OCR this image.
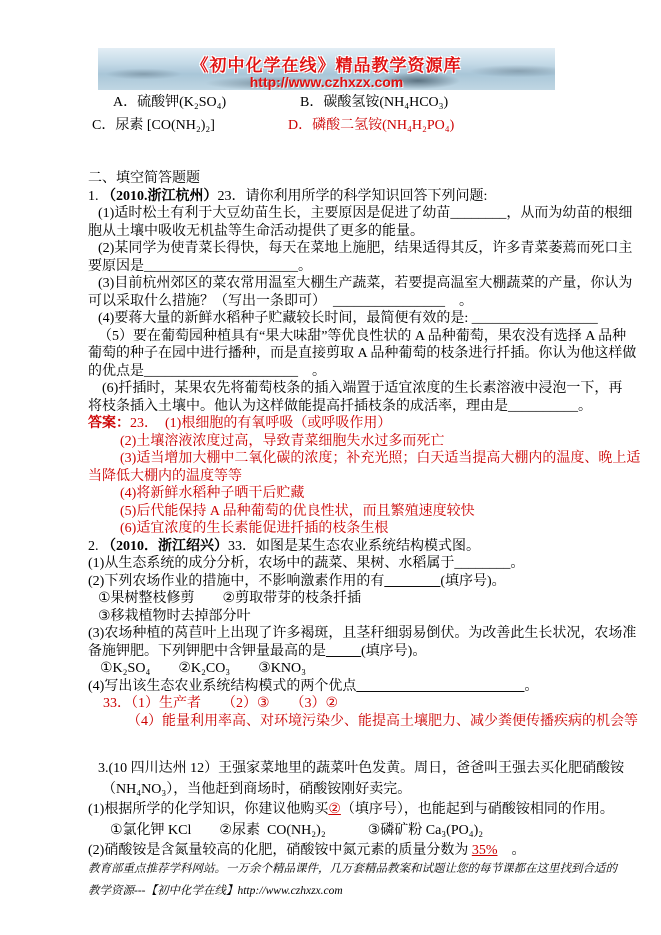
《初中化学在线》精品教学资源库
http://www.czhxzx.com
A．硫酸钾(K₂SO₄)	B．碳酸氢铵(NH₄HCO₃)
C．尿素 [CO(NH₂)₂]	D．磷酸二氢铵(NH₄H₂PO₄)
二、填空简答题题
1. （2010.浙江杭州）23．请你利用所学的科学知识回答下列问题:
(1)适时松土有利于大豆幼苗生长，主要原因是促进了幼苗________，从而为幼苗的根细
胞从土壤中吸收无机盐等生命活动提供了更多的能量。
(2)某同学为使青菜长得快，每天在菜地上施肥，结果适得其反，许多青菜萎蔫而死口主
要原因是______________________。
(3)目前杭州郊区的菜农常用温室大棚生产蔬菜，若要提高温室大棚蔬菜的产量，你认为
可以采取什么措施？（写出一条即可）　________________　。
(4)要蒋大量的新鲜水稻种子贮藏较长时间，最简便有效的是: __________________
（5）要在葡萄园种植具有“果大味甜”等优良性状的 A 品种葡萄，果农没有选择 A 品种
葡萄的种子在园中进行播种，而是直接剪取 A 品种葡萄的枝条进行扦插。你认为他这样做
的优点是______________________　。
(6)扦插时，某果农先将葡萄枝条的插入端置于适宜浓度的生长素溶液中浸泡一下，再
将枝条插入土壤中。他认为这样做能提高扦插枝条的成活率，理由是__________。
答案：23．　(1)根细胞的有氧呼吸（或呼吸作用）
(2)土壤溶液浓度过高，导致青菜细胞失水过多而死亡
(3)适当增加大棚中二氧化碳的浓度；补充光照；白天适当提高大棚内的温度、晚上适
当降低大棚内的温度等等
(4)将新鲜水稻种子晒干后贮藏
(5)后代能保持 A 品种葡萄的优良性状，而且繁殖速度较快
(6)适宜浓度的生长素能促进扦插的枝条生根
2. （2010．浙江绍兴）33．如图是某生态农业系统结构模式图。
(1)从生态系统的成分分析，农场中的蔬菜、果树、水稻属于________。
(2)下列农场作业的措施中，不影响激素作用的有________(填序号)。
①果树整枝修剪　　②剪取带芽的枝条扦插
③移栽植物时去掉部分叶
(3)农场种植的莴苣叶上出现了许多褐斑，且茎秆细弱易倒伏。为改善此生长状况，农场准
备施钾肥。下列钾肥中含钾量最高的是_____(填序号)。
①K₂SO₄　　②K₂CO₃　　③KNO₃
(4)写出该生态农业系统结构模式的两个优点________________________。
33．（1）生产者　　（2）③　　（3）②
（4）能量利用率高、对环境污染少、能提高土壤肥力、减少粪便传播疾病的机会等
3.(10 四川达州 12）王强家菜地里的蔬菜叶色发黄。周日，爸爸叫王强去买化肥硝酸铵
（NH₄NO₃），当他赶到商场时，硝酸铵刚好卖完。
(1)根据所学的化学知识，你建议他购买②（填序号），也能起到与硝酸铵相同的作用。
①氯化钾 KCl　　②尿素  CO(NH₂)₂　　　③磷矿粉 Ca₃(PO₄)₂
(2)硝酸铵是含氮量较高的化肥，硝酸铵中氮元素的质量分数为 35%　。
教育部重点推荐学科网站。一万余个精品课件，几万套精品教案和试题让您的每节课都在这里找到合适的
教学资源---【初中化学在线】http://www.czhxzx.com
